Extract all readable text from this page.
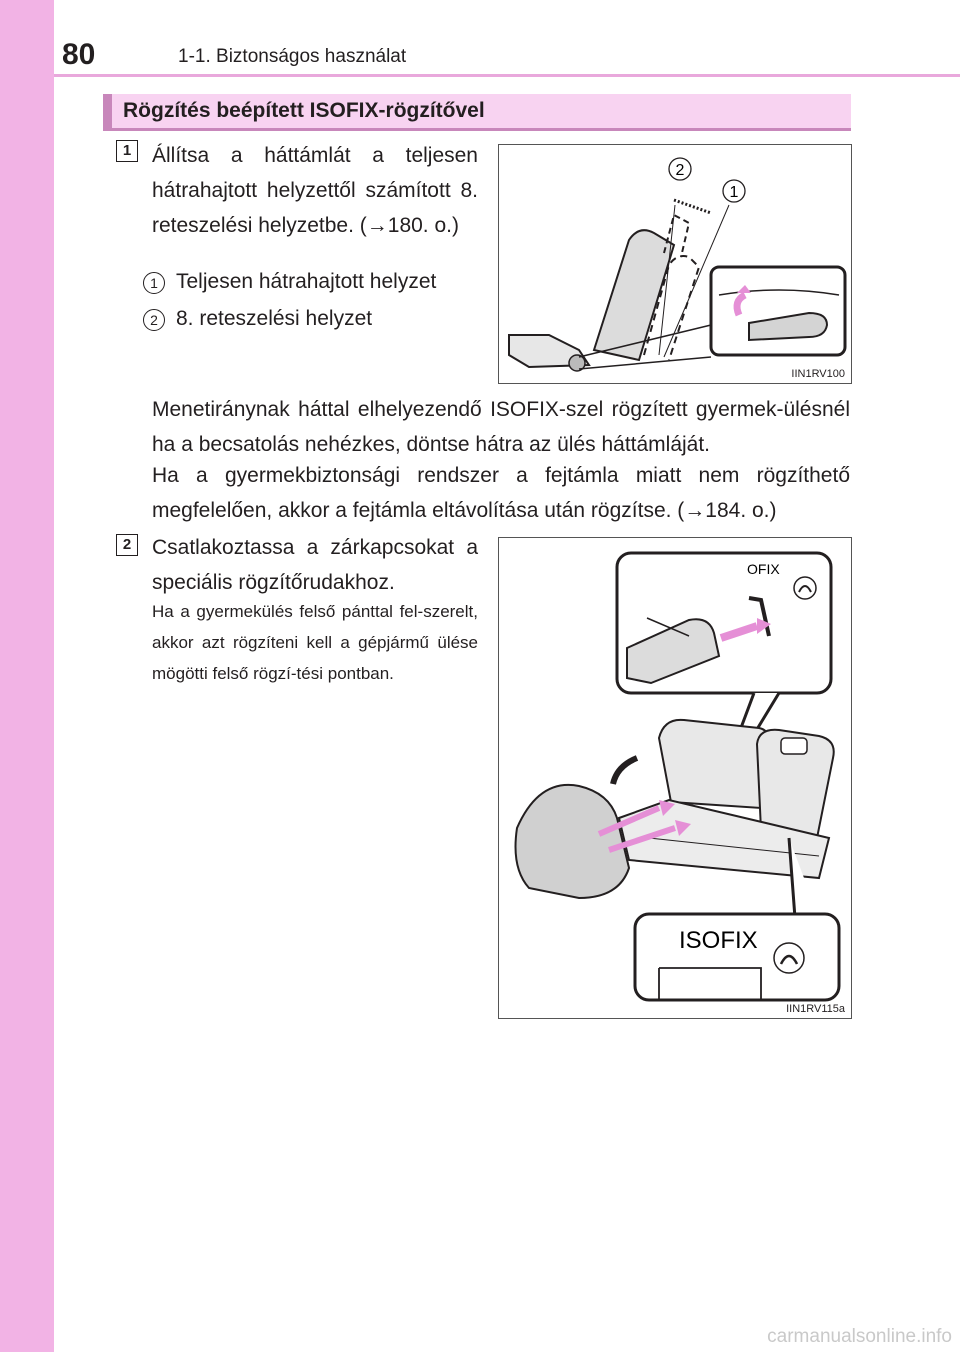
80	1-1. Biztonságos használat
Rögzítés beépített ISOFIX-rögzítővel
1 Állítsa a háttámlát a teljesen hátrahajtott helyzettől számított 8. reteszelési helyzetbe. (→180. o.)
1 Teljesen hátrahajtott helyzet
2 8. reteszelési helyzet
2
1
IIN1RV100
Menetiránynak háttal elhelyezendő ISOFIX-szel rögzített gyermek-ülésnél ha a becsatolás nehézkes, döntse hátra az ülés háttámláját.
Ha a gyermekbiztonsági rendszer a fejtámla miatt nem rögzíthető megfelelően, akkor a fejtámla eltávolítása után rögzítse. (→184. o.)
2 Csatlakoztassa a zárkapcsokat a speciális rögzítőrudakhoz.
Ha a gyermekülés felső pánttal fel-szerelt, akkor azt rögzíteni kell a gépjármű ülése mögötti felső rögzí-tési pontban.
OFIX
ISOFIX
IIN1RV115a
carmanualsonline.info
